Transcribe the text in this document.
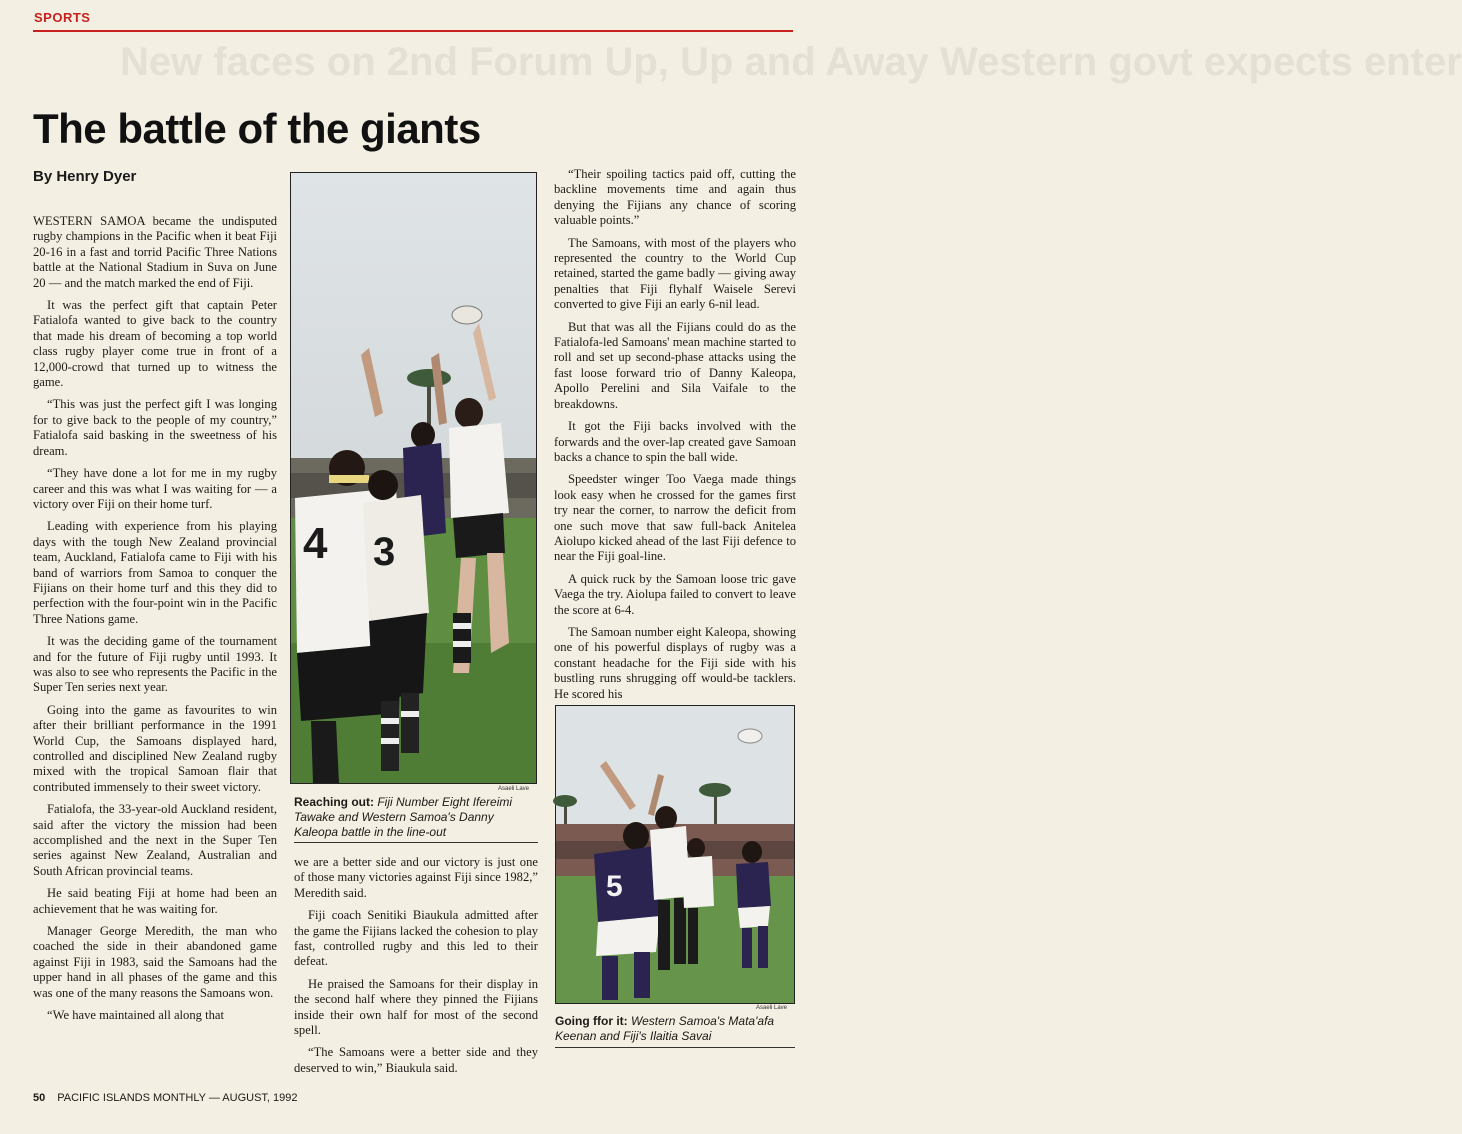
SPORTS
New faces on 2nd Forum Up, Up and Away Western govt expects enter
The battle of the giants
By Henry Dyer

WESTERN SAMOA became the undisputed rugby champions in the Pacific when it beat Fiji 20-16 in a fast and torrid Pacific Three Nations battle at the National Stadium in Suva on June 20 — and the match marked the end of Fiji.

It was the perfect gift that captain Peter Fatialofa wanted to give back to the country that made his dream of becoming a top world class rugby player come true in front of a 12,000-crowd that turned up to witness the game.

“This was just the perfect gift I was longing for to give back to the people of my country,” Fatialofa said basking in the sweetness of his dream.

“They have done a lot for me in my rugby career and this was what I was waiting for — a victory over Fiji on their home turf.

Leading with experience from his playing days with the tough New Zealand provincial team, Auckland, Fatialofa came to Fiji with his band of warriors from Samoa to conquer the Fijians on their home turf and this they did to perfection with the four-point win in the Pacific Three Nations game.

It was the deciding game of the tournament and for the future of Fiji rugby until 1993. It was also to see who represents the Pacific in the Super Ten series next year.

Going into the game as favourites to win after their brilliant performance in the 1991 World Cup, the Samoans displayed hard, controlled and disciplined New Zealand rugby mixed with the tropical Samoan flair that contributed immensely to their sweet victory.

Fatialofa, the 33-year-old Auckland resident, said after the victory the mission had been accomplished and the next in the Super Ten series against New Zealand, Australian and South African provincial teams.

He said beating Fiji at home had been an achievement that he was waiting for.

Manager George Meredith, the man who coached the side in their abandoned game against Fiji in 1983, said the Samoans had the upper hand in all phases of the game and this was one of the many reasons the Samoans won.

“We have maintained all along that

4 3
Asaeli Lave
Reaching out: Fiji Number Eight Ifereimi Tawake and Western Samoa's Danny Kaleopa battle in the line-out

we are a better side and our victory is just one of those many victories against Fiji since 1982,” Meredith said.

Fiji coach Senitiki Biaukula admitted after the game the Fijians lacked the cohesion to play fast, controlled rugby and this led to their defeat.

He praised the Samoans for their display in the second half where they pinned the Fijians inside their own half for most of the second spell.

“The Samoans were a better side and they deserved to win,” Biaukula said.

“Their spoiling tactics paid off, cutting the backline movements time and again thus denying the Fijians any chance of scoring valuable points.”

The Samoans, with most of the players who represented the country to the World Cup retained, started the game badly — giving away penalties that Fiji flyhalf Waisele Serevi converted to give Fiji an early 6-nil lead.

But that was all the Fijians could do as the Fatialofa-led Samoans' mean machine started to roll and set up second-phase attacks using the fast loose forward trio of Danny Kaleopa, Apollo Perelini and Sila Vaifale to the breakdowns.

It got the Fiji backs involved with the forwards and the over-lap created gave Samoan backs a chance to spin the ball wide.

Speedster winger Too Vaega made things look easy when he crossed for the games first try near the corner, to narrow the deficit from one such move that saw full-back Anitelea Aiolupo kicked ahead of the last Fiji defence to near the Fiji goal-line.

A quick ruck by the Samoan loose tric gave Vaega the try. Aiolupa failed to convert to leave the score at 6-4.

The Samoan number eight Kaleopa, showing one of his powerful displays of rugby was a constant headache for the Fiji side with his bustling runs shrugging off would-be tacklers. He scored his

5
Asaeli Lave
Going ffor it: Western Samoa's Mata'afa Keenan and Fiji's Ilaitia Savai
50 PACIFIC ISLANDS MONTHLY — AUGUST, 1992
